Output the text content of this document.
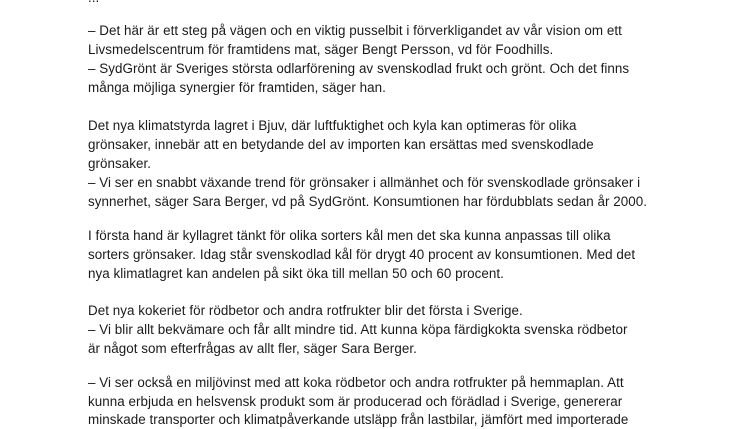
– Det här är ett steg på vägen och en viktig pusselbit i förverkligandet av vår vision om ett
Livsmedelscentrum för framtidens mat, säger Bengt Persson, vd för Foodhills.
– SydGrönt är Sveriges största odlarförening av svenskodlad frukt och grönt. Och det finns
många möjliga synergier för framtiden, säger han.
Det nya klimatstyrda lagret i Bjuv, där luftfuktighet och kyla kan optimeras för olika
grönsaker, innebär att en betydande del av importen kan ersättas med svenskodlade
grönsaker.
– Vi ser en snabbt växande trend för grönsaker i allmänhet och för svenskodlade grönsaker i
synnerhet, säger Sara Berger, vd på SydGrönt. Konsumtionen har fördubblats sedan år 2000.
I första hand är kyllagret tänkt för olika sorters kål men det ska kunna anpassas till olika
sorters grönsaker. Idag står svenskodlad kål för drygt 40 procent av konsumtionen. Med det
nya klimatlagret kan andelen på sikt öka till mellan 50 och 60 procent.
Det nya kokeriet för rödbetor och andra rotfrukter blir det första i Sverige.
– Vi blir allt bekvämare och får allt mindre tid. Att kunna köpa färdigkokta svenska rödbetor
är något som efterfrågas av allt fler, säger Sara Berger.
– Vi ser också en miljövinst med att koka rödbetor och andra rotfrukter på hemmaplan. Att
kunna erbjuda en helsvensk produkt som är producerad och förädlad i Sverige, genererar
minskade transporter och klimatpåverkande utsläpp från lastbilar, jämfört med importerade
